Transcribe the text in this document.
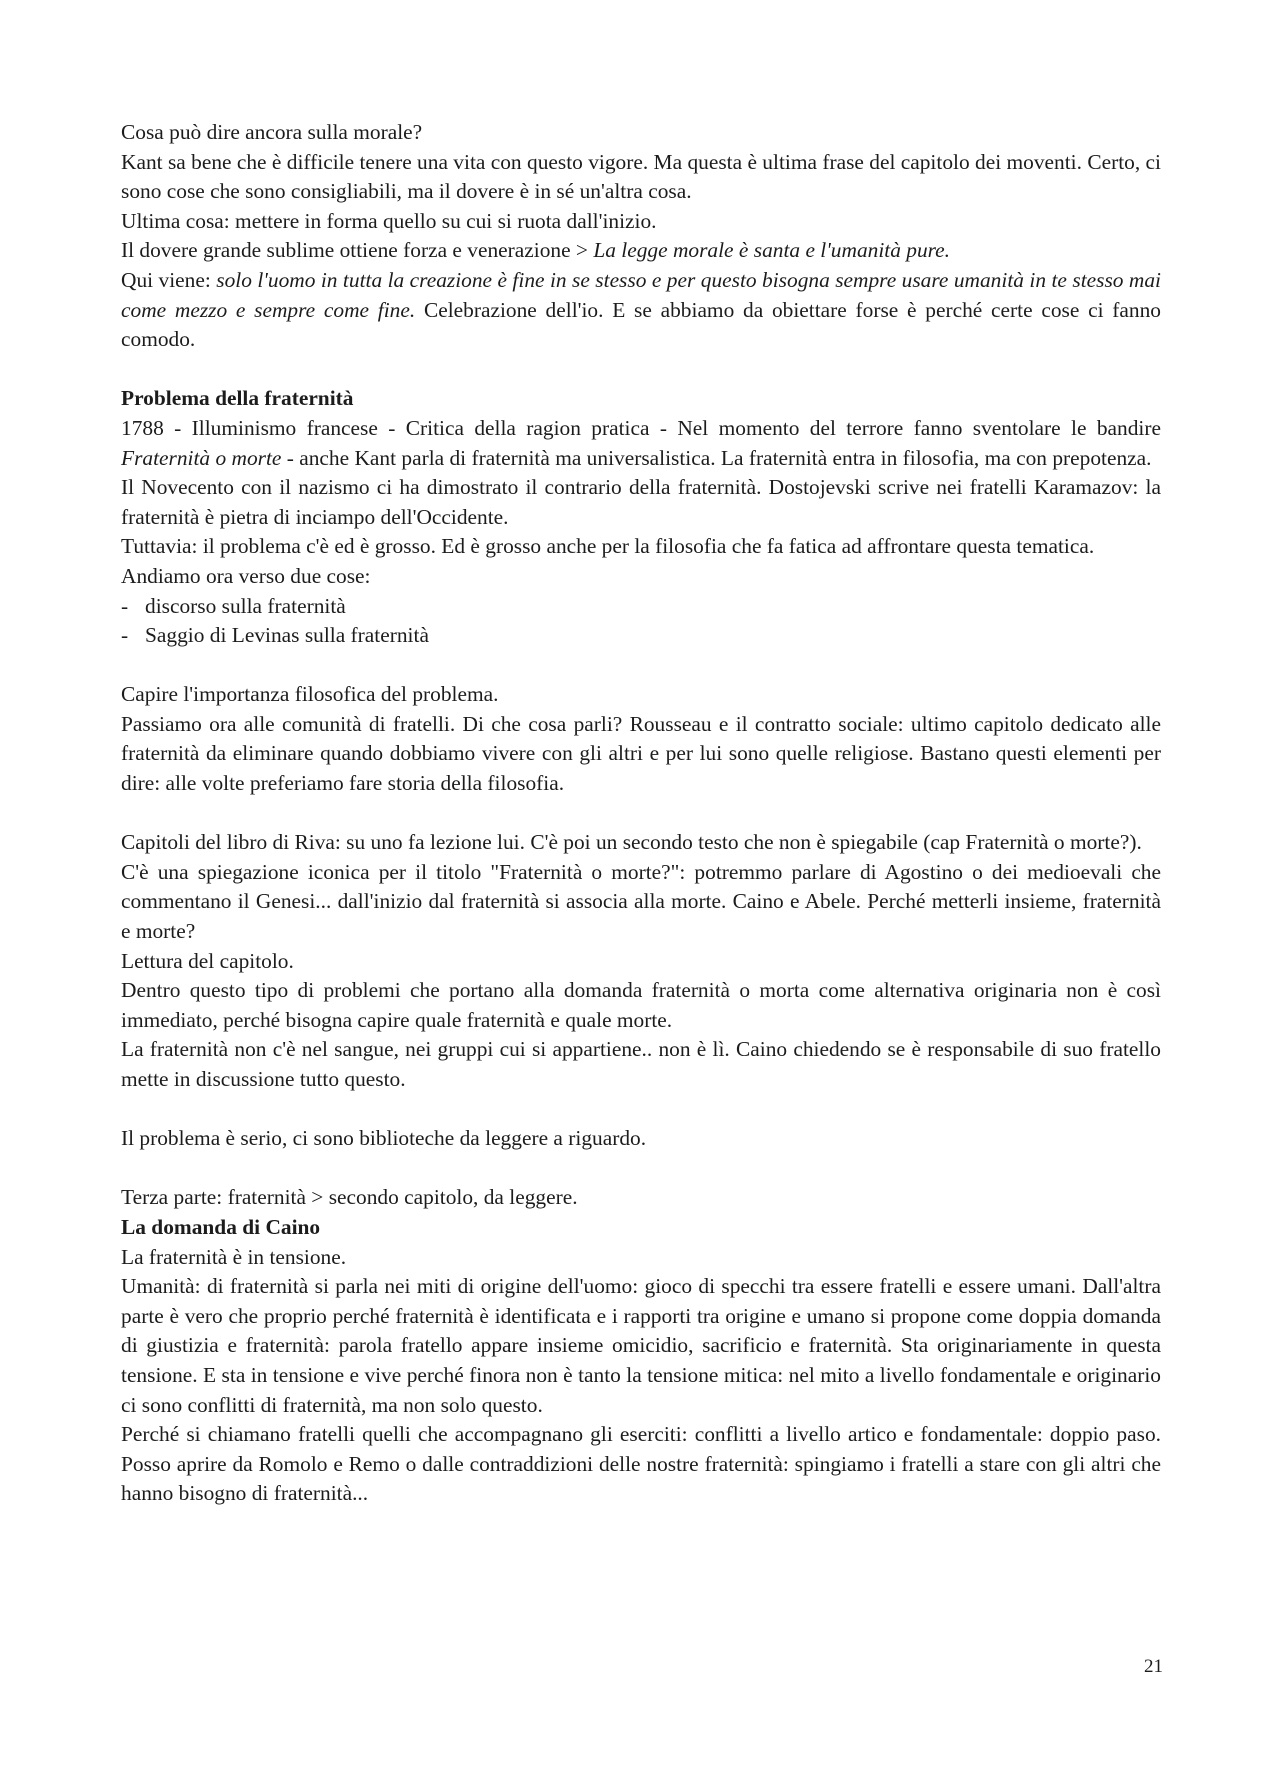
Cosa può dire ancora sulla morale?

Kant sa bene che è difficile tenere una vita con questo vigore. Ma questa è ultima frase del capitolo dei moventi. Certo, ci sono cose che sono consigliabili, ma il dovere è in sé un'altra cosa.

Ultima cosa: mettere in forma quello su cui si ruota dall'inizio.

Il dovere grande sublime ottiene forza e venerazione > La legge morale è santa e l'umanità pure.

Qui viene: solo l'uomo in tutta la creazione è fine in se stesso e per questo bisogna sempre usare umanità in te stesso mai come mezzo e sempre come fine. Celebrazione dell'io. E se abbiamo da obiettare forse è perché certe cose ci fanno comodo.

Problema della fraternità

1788 - Illuminismo francese - Critica della ragion pratica - Nel momento del terrore fanno sventolare le bandire Fraternità o morte - anche Kant parla di fraternità ma universalistica. La fraternità entra in filosofia, ma con prepotenza.

Il Novecento con il nazismo ci ha dimostrato il contrario della fraternità. Dostojevski scrive nei fratelli Karamazov: la fraternità è pietra di inciampo dell'Occidente.

Tuttavia: il problema c'è ed è grosso. Ed è grosso anche per la filosofia che fa fatica ad affrontare questa tematica.

Andiamo ora verso due cose:

- discorso sulla fraternità
- Saggio di Levinas sulla fraternità

Capire l'importanza filosofica del problema.

Passiamo ora alle comunità di fratelli. Di che cosa parli? Rousseau e il contratto sociale: ultimo capitolo dedicato alle fraternità da eliminare quando dobbiamo vivere con gli altri e per lui sono quelle religiose. Bastano questi elementi per dire: alle volte preferiamo fare storia della filosofia.

Capitoli del libro di Riva: su uno fa lezione lui. C'è poi un secondo testo che non è spiegabile (cap Fraternità o morte?).

C'è una spiegazione iconica per il titolo "Fraternità o morte?": potremmo parlare di Agostino o dei medioevali che commentano il Genesi... dall'inizio dal fraternità si associa alla morte. Caino e Abele. Perché metterli insieme, fraternità e morte?

Lettura del capitolo.

Dentro questo tipo di problemi che portano alla domanda fraternità o morta come alternativa originaria non è così immediato, perché bisogna capire quale fraternità e quale morte.

La fraternità non c'è nel sangue, nei gruppi cui si appartiene.. non è lì. Caino chiedendo se è responsabile di suo fratello mette in discussione tutto questo.

Il problema è serio, ci sono biblioteche da leggere a riguardo.

Terza parte: fraternità > secondo capitolo, da leggere.

La domanda di Caino

La fraternità è in tensione.

Umanità: di fraternità si parla nei miti di origine dell'uomo: gioco di specchi tra essere fratelli e essere umani. Dall'altra parte è vero che proprio perché fraternità è identificata e i rapporti tra origine e umano si propone come doppia domanda di giustizia e fraternità: parola fratello appare insieme omicidio, sacrificio e fraternità. Sta originariamente in questa tensione. E sta in tensione e vive perché finora non è tanto la tensione mitica: nel mito a livello fondamentale e originario ci sono conflitti di fraternità, ma non solo questo.

Perché si chiamano fratelli quelli che accompagnano gli eserciti: conflitti a livello artico e fondamentale: doppio paso. Posso aprire da Romolo e Remo o dalle contraddizioni delle nostre fraternità: spingiamo i fratelli a stare con gli altri che hanno bisogno di fraternità...

21
